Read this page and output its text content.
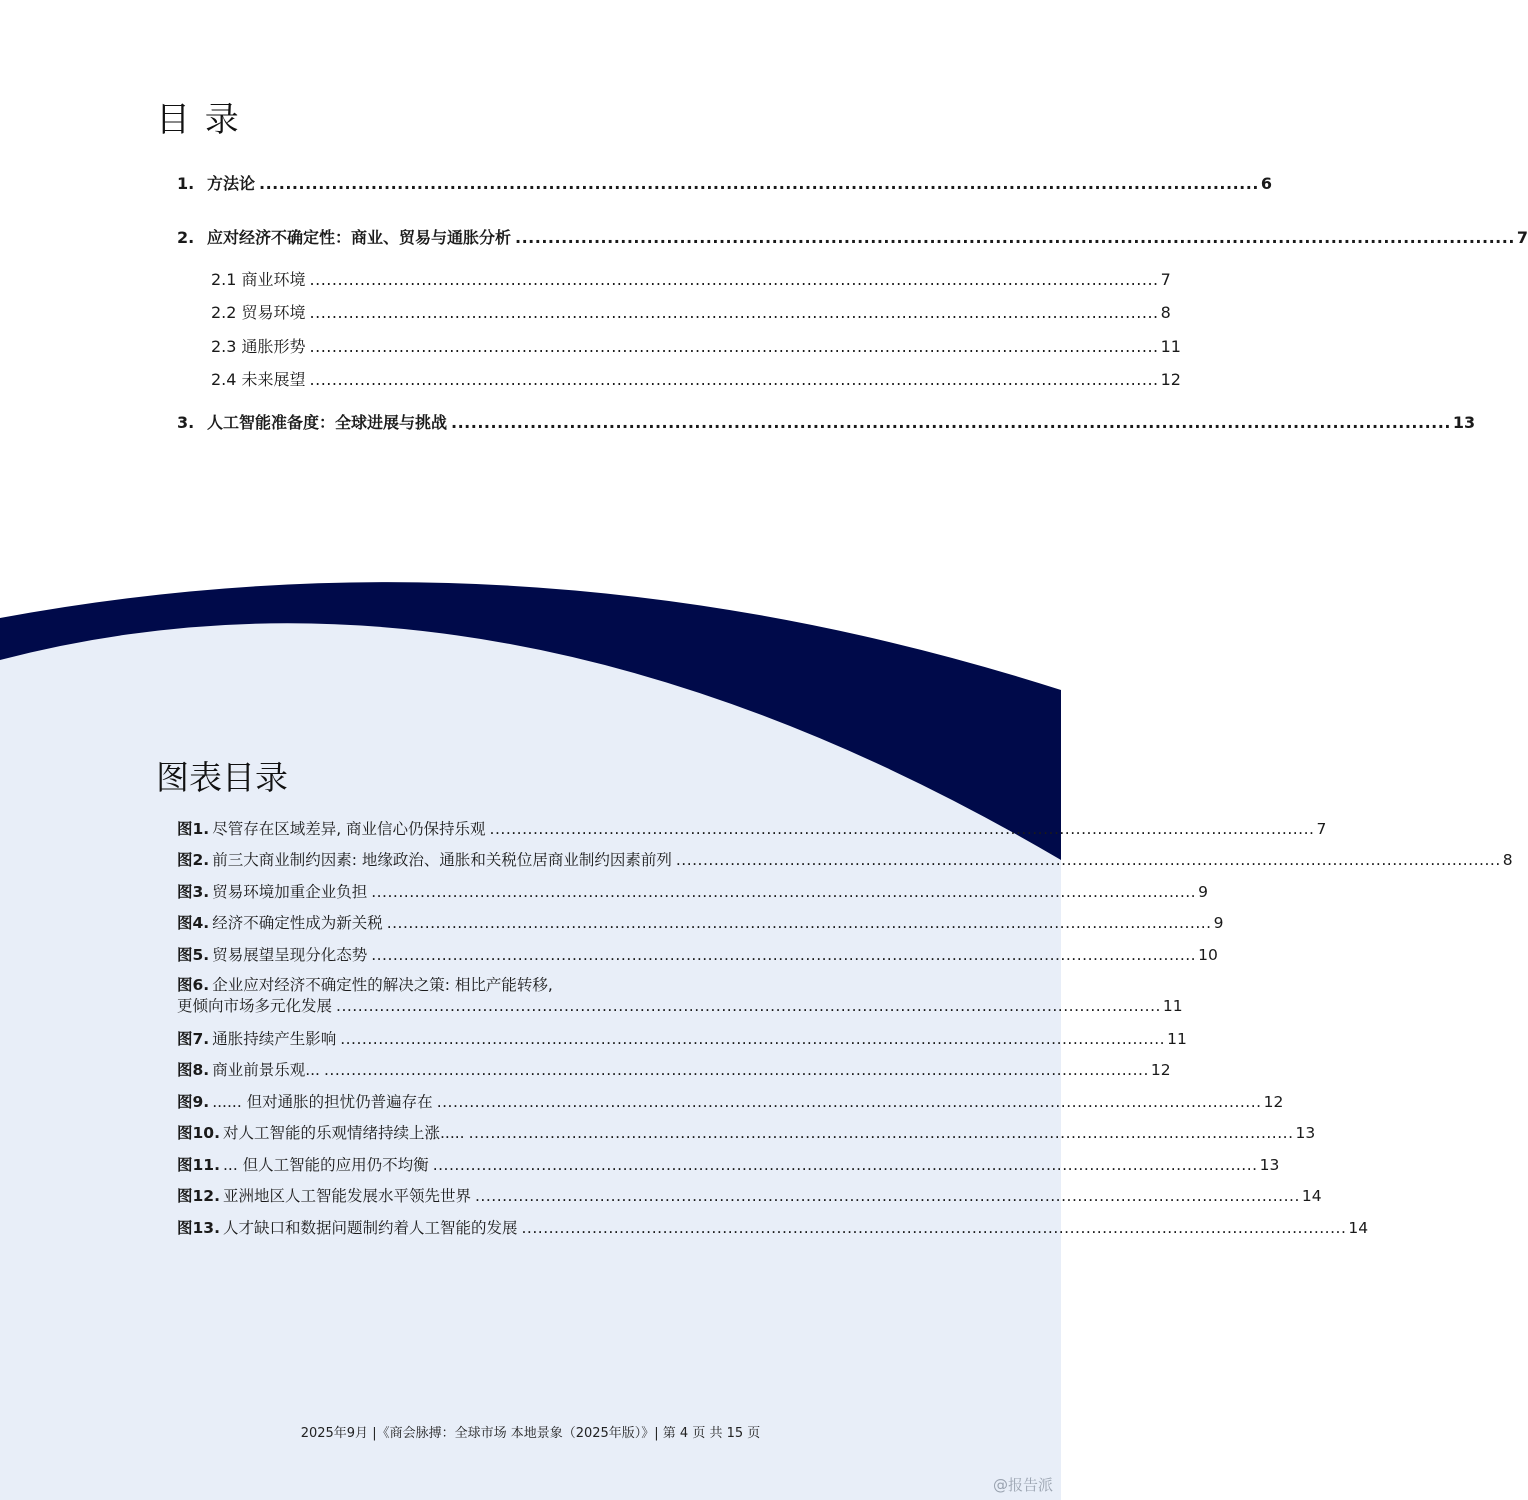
目 录
1. 方法论 ........................................................................................................................................................ 6
2. 应对经济不确定性：商业、贸易与通胀分析 ........................................................................................................................................................ 7
2.1 商业环境 ........................................................................................................................................................ 7
2.2 贸易环境 ........................................................................................................................................................ 8
2.3 通胀形势 ........................................................................................................................................................ 11
2.4 未来展望 ........................................................................................................................................................ 12
3. 人工智能准备度：全球进展与挑战 ........................................................................................................................................................ 13
图表目录
图1. 尽管存在区域差异, 商业信心仍保持乐观 ........................................................................................................................................................ 7
图2. 前三大商业制约因素: 地缘政治、通胀和关税位居商业制约因素前列 ........................................................................................................................................................ 8
图3. 贸易环境加重企业负担 ........................................................................................................................................................ 9
图4. 经济不确定性成为新关税 ........................................................................................................................................................ 9
图5. 贸易展望呈现分化态势 ........................................................................................................................................................ 10
图6. 企业应对经济不确定性的解决之策: 相比产能转移,
更倾向市场多元化发展 ........................................................................................................................................................ 11
图7. 通胀持续产生影响 ........................................................................................................................................................ 11
图8. 商业前景乐观... ........................................................................................................................................................ 12
图9. ...... 但对通胀的担忧仍普遍存在 ........................................................................................................................................................ 12
图10. 对人工智能的乐观情绪持续上涨..... ........................................................................................................................................................ 13
图11. ... 但人工智能的应用仍不均衡 ........................................................................................................................................................ 13
图12. 亚洲地区人工智能发展水平领先世界 ........................................................................................................................................................ 14
图13. 人才缺口和数据问题制约着人工智能的发展 ........................................................................................................................................................ 14
2025年9月 |《商会脉搏：全球市场 本地景象（2025年版）》| 第 4 页 共 15 页
@报告派
